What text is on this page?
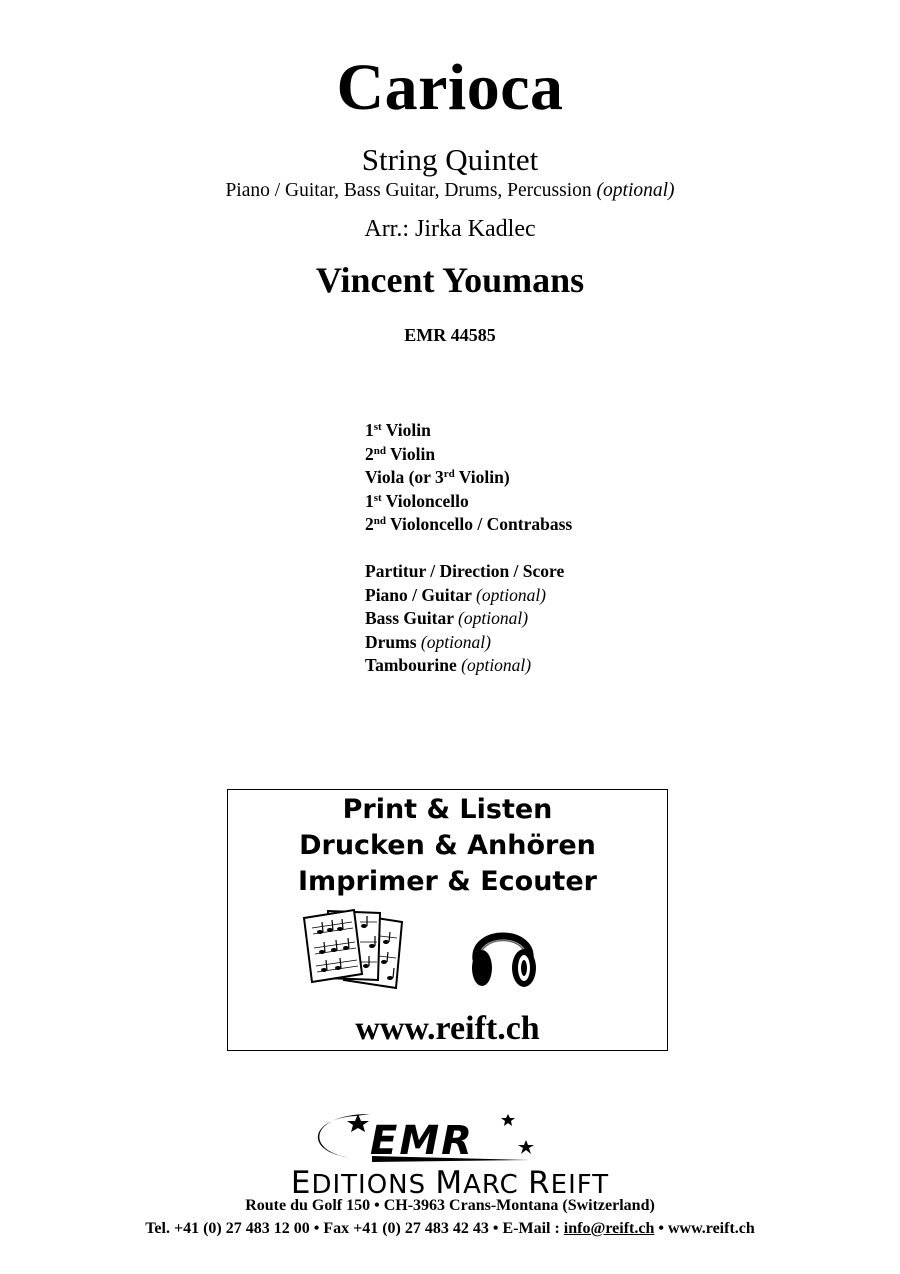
Carioca
String Quintet
Piano / Guitar, Bass Guitar, Drums, Percussion (optional)
Arr.: Jirka Kadlec
Vincent Youmans
EMR 44585
1st Violin
2nd Violin
Viola (or 3rd Violin)
1st Violoncello
2nd Violoncello / Contrabass
Partitur / Direction / Score
Piano / Guitar (optional)
Bass Guitar (optional)
Drums (optional)
Tambourine (optional)
Print & Listen
Drucken & Anhören
Imprimer & Ecouter
www.reift.ch
EMR
EDITIONS MARC REIFT
Route du Golf 150 • CH-3963 Crans-Montana (Switzerland)
Tel. +41 (0) 27 483 12 00 • Fax +41 (0) 27 483 42 43 • E-Mail : info@reift.ch • www.reift.ch
